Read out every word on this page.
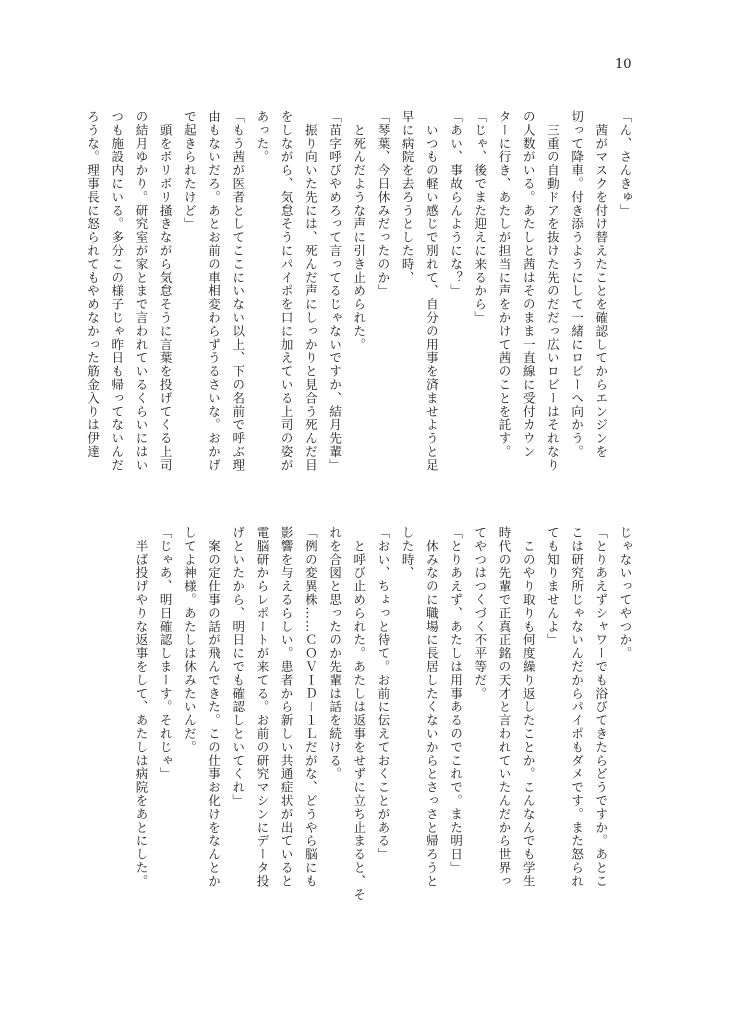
10
「ん、さんきゅ」
　茜がマスクを付け替えたことを確認してからエンジンを
切って降車。付き添うようにして一緒にロビーへ向かう。
　三重の自動ドアを抜けた先のだだっ広いロビーはそれなり
の人数がいる。あたしと茜はそのまま一直線に受付カウン
ターに行き、あたしが担当に声をかけて茜のことを託す。
「じゃ、後でまた迎えに来るから」
「あい、事故らんようにな？」
　いつもの軽い感じで別れて、自分の用事を済ませようと足
早に病院を去ろうとした時、
「琴葉、今日休みだったのか」
　と死んだような声に引き止められた。
「苗字呼びやめろって言ってるじゃないですか、結月先輩」
　振り向いた先には、死んだ声にしっかりと見合う死んだ目
をしながら、気怠そうにパイポを口に加えている上司の姿が
あった。
「もう茜が医者としてここにいない以上、下の名前で呼ぶ理
由もないだろ。あとお前の車相変わらずうるさいな。おかげ
で起きられたけど」
　頭をボリボリ掻きながら気怠そうに言葉を投げてくる上司
の結月ゆかり。研究室が家とまで言われているくらいにはい
つも施設内にいる。多分この様子じゃ昨日も帰ってないんだ
ろうな。理事長に怒られてもやめなかった筋金入りは伊達
じゃないってやつか。
「とりあえずシャワーでも浴びてきたらどうですか。あとこ
こは研究所じゃないんだからパイポもダメです。また怒られ
ても知りませんよ」
　このやり取りも何度繰り返したことか。こんなんでも学生
時代の先輩で正真正銘の天才と言われていたんだから世界っ
てやつはつくづく不平等だ。
「とりあえず、あたしは用事あるのでこれで。また明日」
　休みなのに職場に長居したくないからとさっさと帰ろうと
した時、
「おい、ちょっと待て。お前に伝えておくことがある」
　と呼び止められた。あたしは返事をせずに立ち止まると、そ
れを合図と思ったのか先輩は話を続ける。
「例の変異株……ＣＯＶＩＤ－１Ｌだがな、どうやら脳にも
影響を与えるらしい。患者から新しい共通症状が出ていると
電脳研からレポートが来てる。お前の研究マシンにデータ投
げといたから、明日にでも確認しといてくれ」
　案の定仕事の話が飛んできた。この仕事お化けをなんとか
してよ神様。あたしは休みたいんだ。
「じゃあ、明日確認しまーす。それじゃ」
　半ば投げやりな返事をして、あたしは病院をあとにした。
